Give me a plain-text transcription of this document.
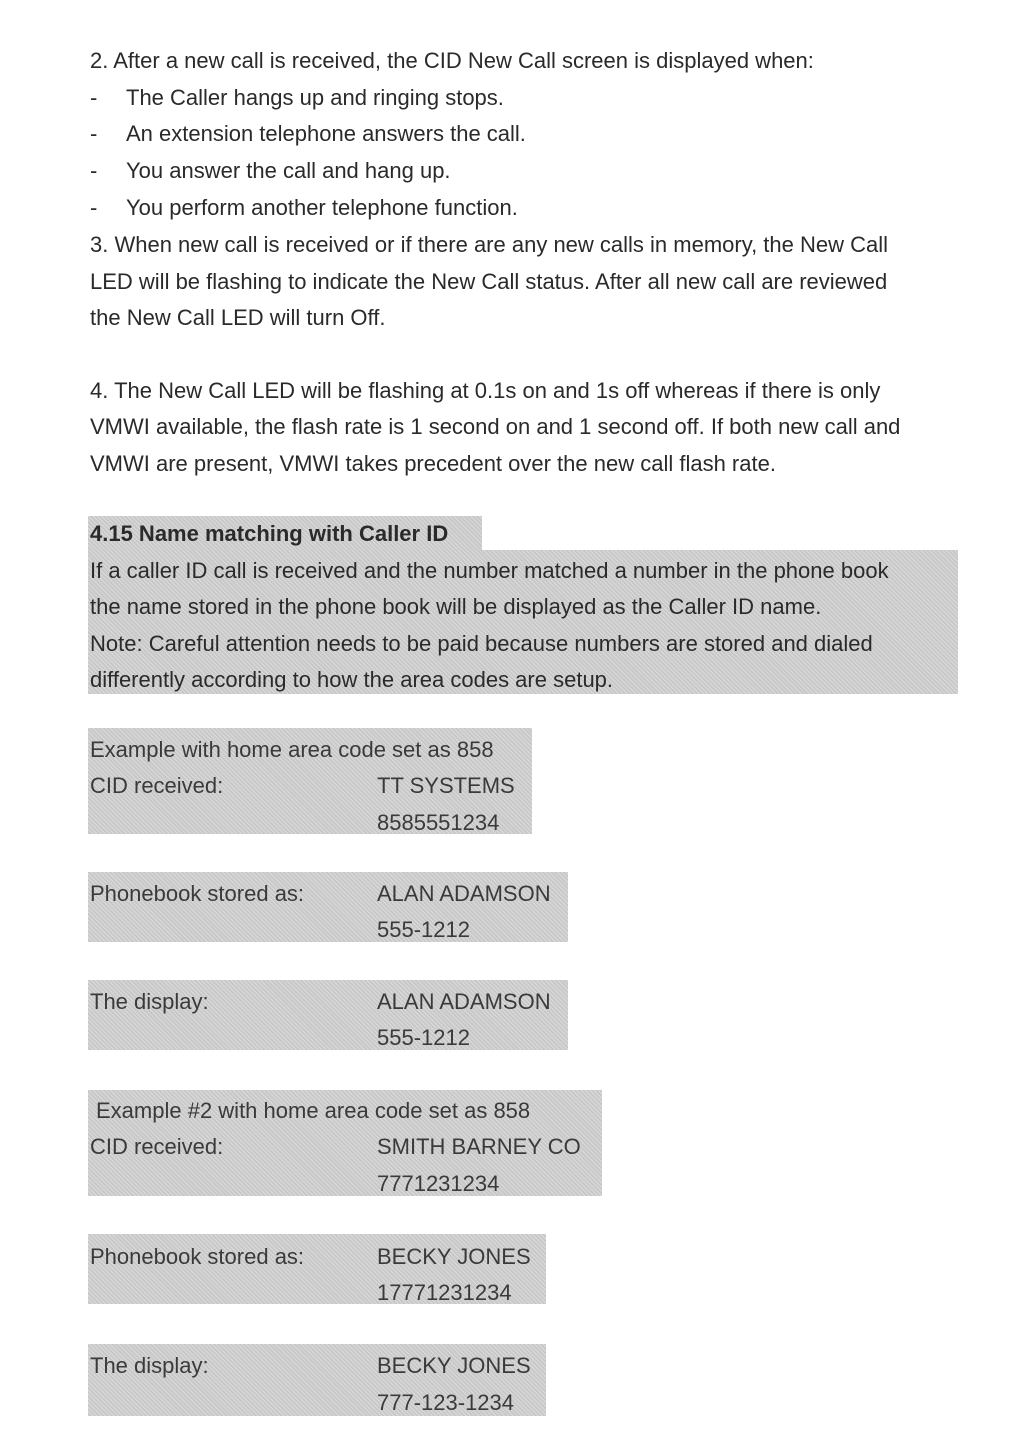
2. After a new call is received, the CID New Call screen is displayed when:
- The Caller hangs up and ringing stops.
- An extension telephone answers the call.
- You answer the call and hang up.
- You perform another telephone function.
3. When new call is received or if there are any new calls in memory, the New Call
LED will be flashing to indicate the New Call status. After all new call are reviewed
the New Call LED will turn Off.
4. The New Call LED will be flashing at 0.1s on and 1s off whereas if there is only
VMWI available, the flash rate is 1 second on and 1 second off. If both new call and
VMWI are present, VMWI takes precedent over the new call flash rate.
4.15 Name matching with Caller ID
If a caller ID call is received and the number matched a number in the phone book
the name stored in the phone book will be displayed as the Caller ID name.
Note: Careful attention needs to be paid because numbers are stored and dialed
differently according to how the area codes are setup.
Example with home area code set as 858
CID received:	TT SYSTEMS
8585551234
Phonebook stored as:	ALAN ADAMSON
555-1212
The display:	ALAN ADAMSON
555-1212
Example #2 with home area code set as 858
CID received:	SMITH BARNEY CO
7771231234
Phonebook stored as:	BECKY JONES
17771231234
The display:	BECKY JONES
777-123-1234
